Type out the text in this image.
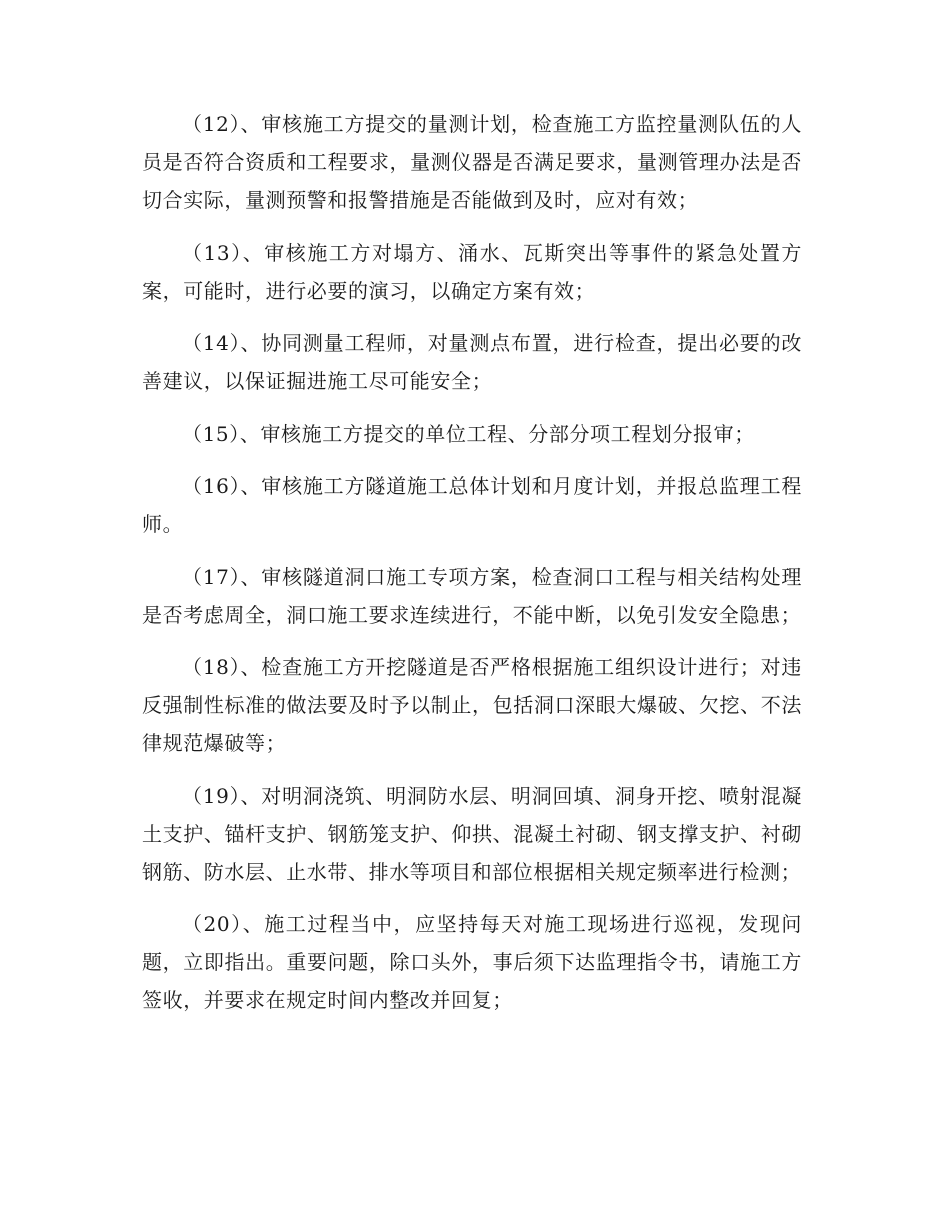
（12）、审核施工方提交的量测计划，检查施工方监控量测队伍的人员是否符合资质和工程要求，量测仪器是否满足要求，量测管理办法是否切合实际，量测预警和报警措施是否能做到及时，应对有效；

（13）、审核施工方对塌方、涌水、瓦斯突出等事件的紧急处置方案，可能时，进行必要的演习，以确定方案有效；

（14）、协同测量工程师，对量测点布置，进行检查，提出必要的改善建议，以保证掘进施工尽可能安全；

（15）、审核施工方提交的单位工程、分部分项工程划分报审；

（16）、审核施工方隧道施工总体计划和月度计划，并报总监理工程师。

（17）、审核隧道洞口施工专项方案，检查洞口工程与相关结构处理是否考虑周全，洞口施工要求连续进行，不能中断，以免引发安全隐患；

（18）、检查施工方开挖隧道是否严格根据施工组织设计进行；对违反强制性标准的做法要及时予以制止，包括洞口深眼大爆破、欠挖、不法律规范爆破等；

（19）、对明洞浇筑、明洞防水层、明洞回填、洞身开挖、喷射混凝土支护、锚杆支护、钢筋笼支护、仰拱、混凝土衬砌、钢支撑支护、衬砌钢筋、防水层、止水带、排水等项目和部位根据相关规定频率进行检测；

（20）、施工过程当中，应坚持每天对施工现场进行巡视，发现问题，立即指出。重要问题，除口头外，事后须下达监理指令书，请施工方签收，并要求在规定时间内整改并回复；
